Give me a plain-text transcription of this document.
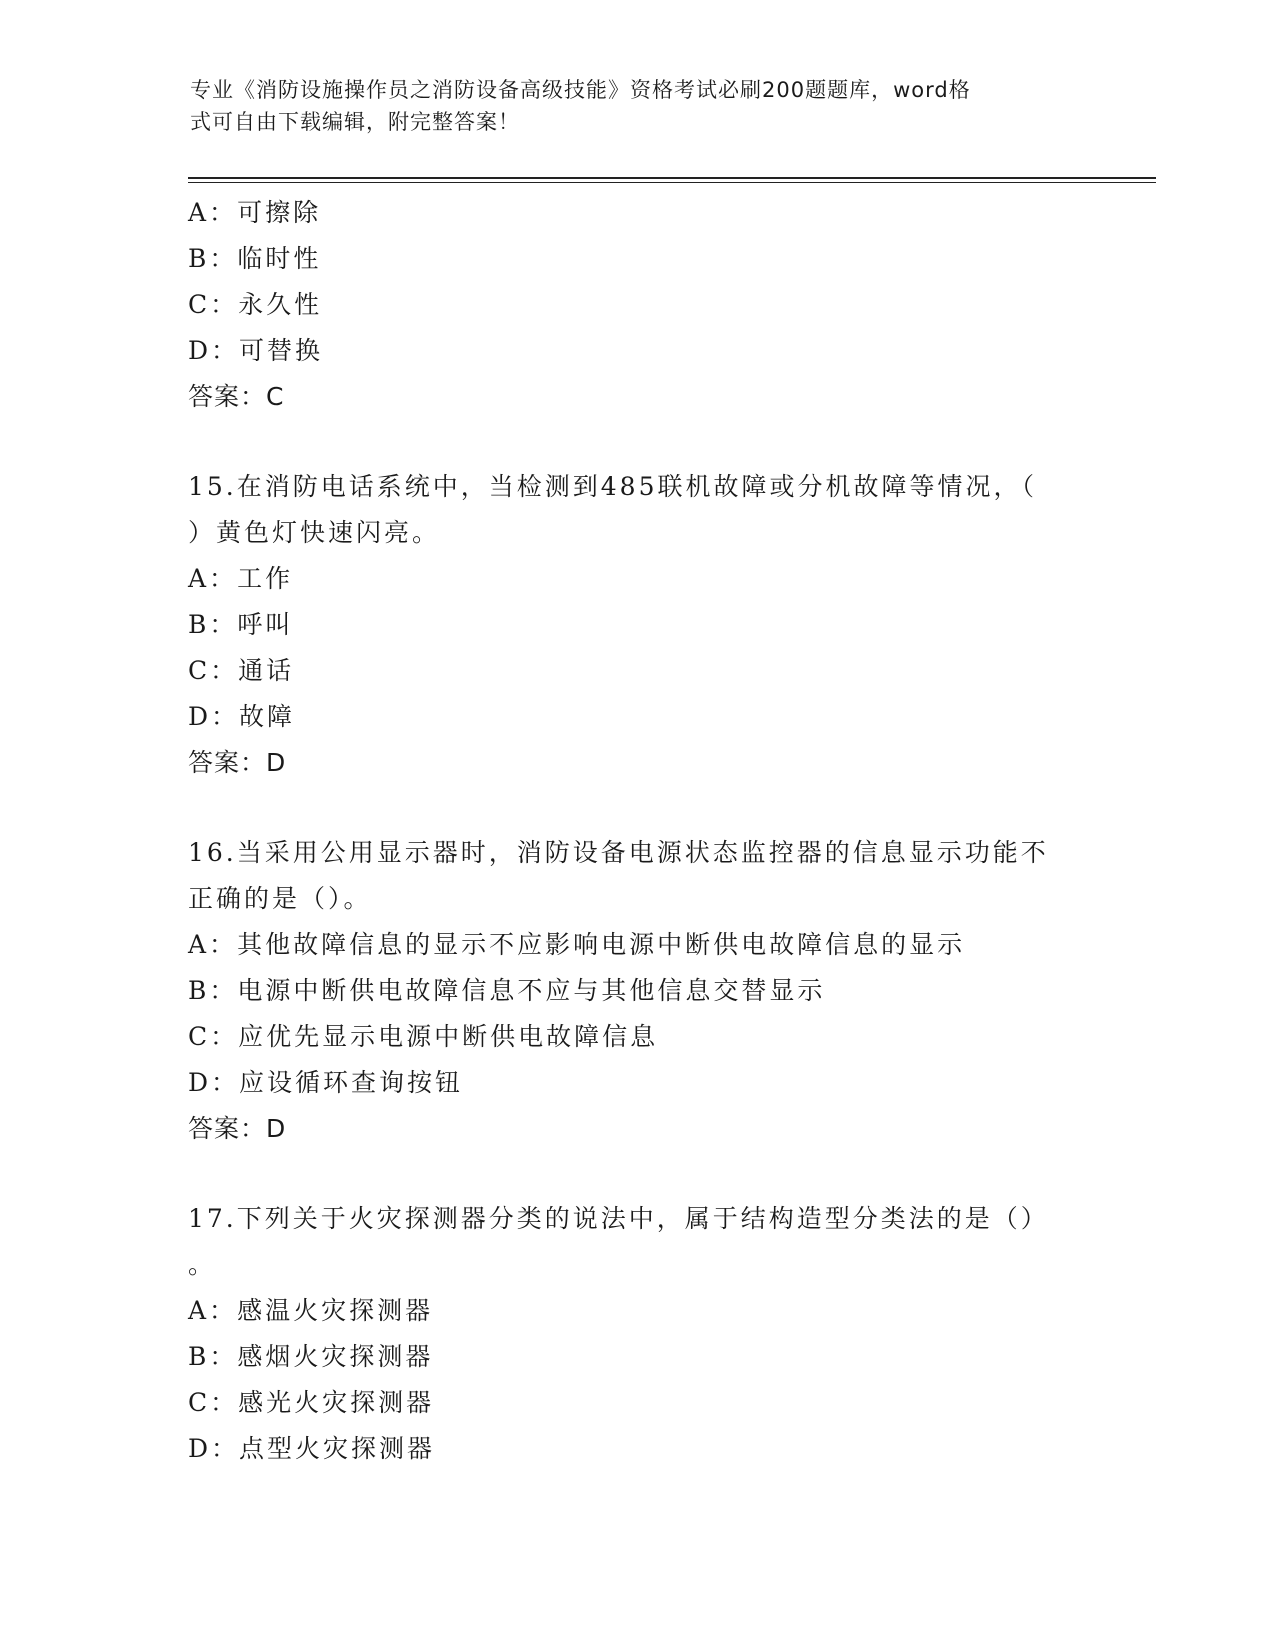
专业《消防设施操作员之消防设备高级技能》资格考试必刷200题题库，word格
式可自由下载编辑，附完整答案！
A：可擦除
B：临时性
C：永久性
D：可替换
答案：C
15.在消防电话系统中，当检测到485联机故障或分机故障等情况，（
）黄色灯快速闪亮。
A：工作
B：呼叫
C：通话
D：故障
答案：D
16.当采用公用显示器时，消防设备电源状态监控器的信息显示功能不
正确的是（）。
A：其他故障信息的显示不应影响电源中断供电故障信息的显示
B：电源中断供电故障信息不应与其他信息交替显示
C：应优先显示电源中断供电故障信息
D：应设循环查询按钮
答案：D
17.下列关于火灾探测器分类的说法中，属于结构造型分类法的是（）
。
A：感温火灾探测器
B：感烟火灾探测器
C：感光火灾探测器
D：点型火灾探测器
